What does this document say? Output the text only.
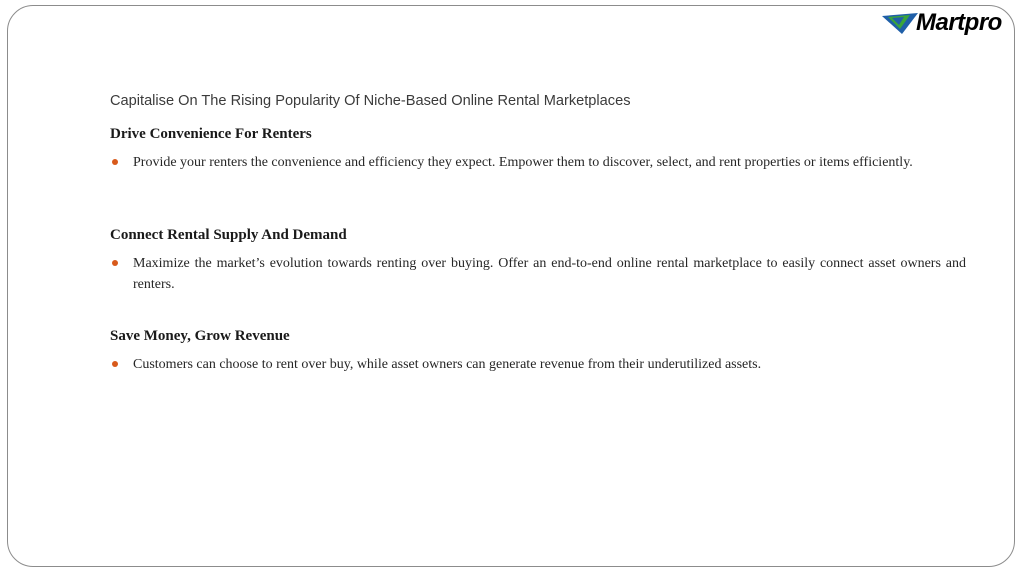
Martpro
Capitalise On The Rising Popularity Of Niche-Based Online Rental Marketplaces
Drive Convenience For Renters
Provide your renters the convenience and efficiency they expect. Empower them to discover, select, and rent properties or items efficiently.
Connect Rental Supply And Demand
Maximize the market’s evolution towards renting over buying. Offer an end-to-end online rental marketplace to easily connect asset owners and renters.
Save Money, Grow Revenue
Customers can choose to rent over buy, while asset owners can generate revenue from their underutilized assets.
